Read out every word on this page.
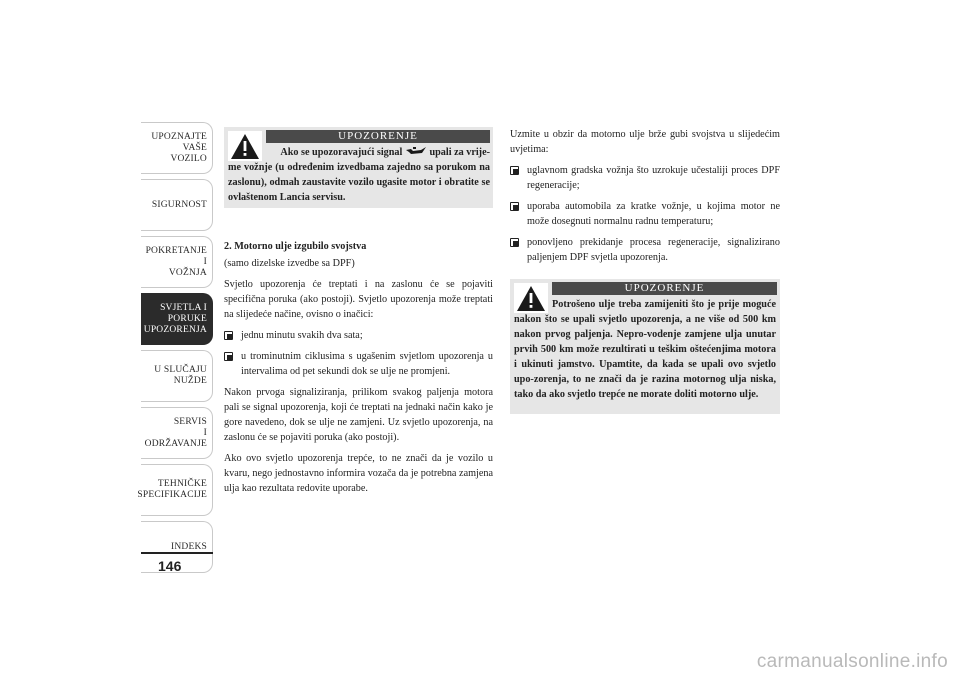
UPOZNAJTE
VAŠE
VOZILO
SIGURNOST
POKRETANJE
I
VOŽNJA
SVJETLA I
PORUKE
UPOZORENJA
U SLUČAJU
NUŽDE
SERVIS
I
ODRŽAVANJE
TEHNIČKE
SPECIFIKACIJE
INDEKS
146
UPOZORENJE
Ako se upozoravajući signal  upali za vrije-
me vožnje (u određenim izvedbama zajedno sa porukom na zaslonu), odmah zaustavite vozilo ugasite motor i obratite se ovlaštenom Lancia servisu.
2. Motorno ulje izgubilo svojstva

(samo dizelske izvedbe sa DPF)

Svjetlo upozorenja će treptati i na zaslonu će se pojaviti specifična poruka (ako postoji). Svjetlo upozorenja može treptati na slijedeće načine, ovisno o inačici:

jednu minutu svakih dva sata;
u trominutnim ciklusima s ugašenim svjetlom upozorenja u intervalima od pet sekundi dok se ulje ne promjeni.

Nakon prvoga signaliziranja, prilikom svakog paljenja motora pali se signal upozorenja, koji će treptati na jednaki način kako je gore navedeno, dok se ulje ne zamjeni. Uz svjetlo upozorenja, na zaslonu će se pojaviti poruka (ako postoji).

Ako ovo svjetlo upozorenja trepće, to ne znači da je vozilo u kvaru, nego jednostavno informira vozača da je potrebna zamjena ulja kao rezultata redovite uporabe.

Uzmite u obzir da motorno ulje brže gubi svojstva u slijedećim uvjetima:

uglavnom gradska vožnja što uzrokuje učestaliji proces DPF regeneracije;
uporaba automobila za kratke vožnje, u kojima motor ne može dosegnuti normalnu radnu temperaturu;
ponovljeno prekidanje procesa regeneracije, signalizirano paljenjem DPF svjetla upozorenja.
UPOZORENJE
Potrošeno ulje treba zamijeniti što je prije moguće nakon što se upali svjetlo upozorenja, a ne više od 500 km nakon prvog paljenja. Nepro-vodenje zamjene ulja unutar prvih 500 km može rezultirati u teškim oštećenjima motora i ukinuti jamstvo. Upamtite, da kada se upali ovo svjetlo upo-zorenja, to ne znači da je razina motornog ulja niska, tako da ako svjetlo trepće ne morate doliti motorno ulje.
carmanualsonline.info
